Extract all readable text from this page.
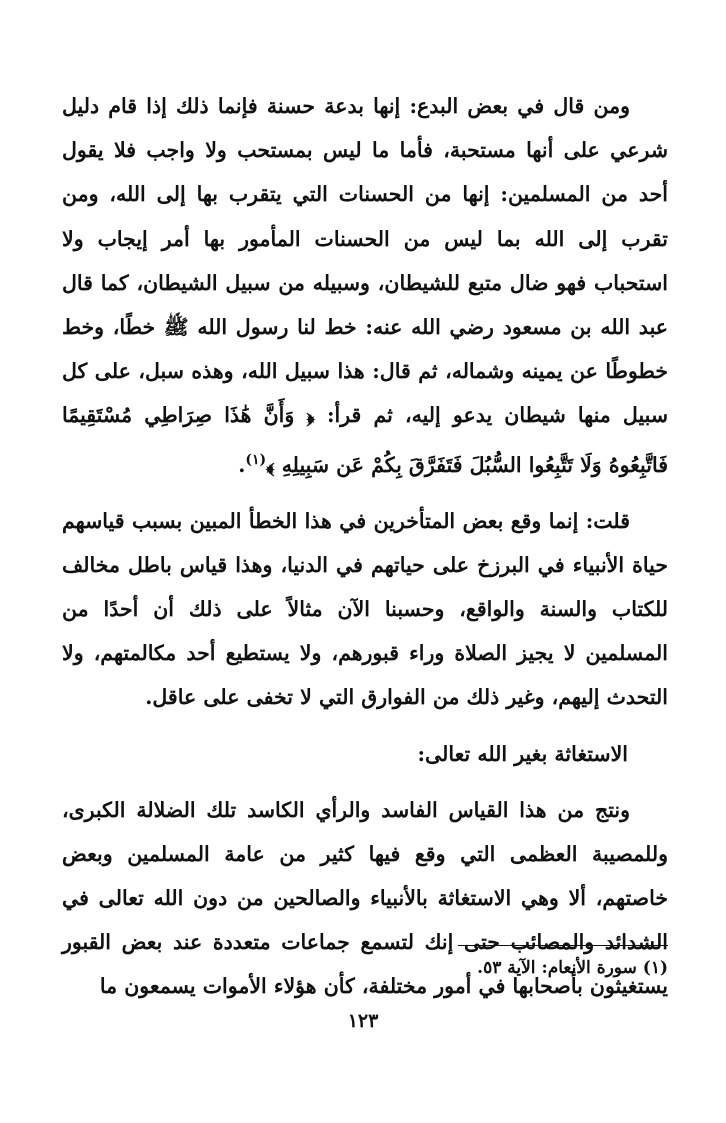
ومن قال في بعض البدع: إنها بدعة حسنة فإنما ذلك إذا قام دليل شرعي على أنها مستحبة، فأما ما ليس بمستحب ولا واجب فلا يقول أحد من المسلمين: إنها من الحسنات التي يتقرب بها إلى الله، ومن تقرب إلى الله بما ليس من الحسنات المأمور بها أمر إيجاب ولا استحباب فهو ضال متبع للشيطان، وسبيله من سبيل الشيطان، كما قال عبد الله بن مسعود رضي الله عنه: خط لنا رسول الله ﷺ خطًا، وخط خطوطًا عن يمينه وشماله، ثم قال: هذا سبيل الله، وهذه سبل، على كل سبيل منها شيطان يدعو إليه، ثم قرأ: ﴿ وَأَنَّ هَٰذَا صِرَاطِي مُسْتَقِيمًا فَاتَّبِعُوهُ وَلَا تَتَّبِعُوا السُّبُلَ فَتَفَرَّقَ بِكُمْ عَن سَبِيلِهِ ﴾$^{(١)}$.

قلت: إنما وقع بعض المتأخرين في هذا الخطأ المبين بسبب قياسهم حياة الأنبياء في البرزخ على حياتهم في الدنيا، وهذا قياس باطل مخالف للكتاب والسنة والواقع، وحسبنا الآن مثالاً على ذلك أن أحدًا من المسلمين لا يجيز الصلاة وراء قبورهم، ولا يستطيع أحد مكالمتهم، ولا التحدث إليهم، وغير ذلك من الفوارق التي لا تخفى على عاقل.

الاستغاثة بغير الله تعالى:

ونتج من هذا القياس الفاسد والرأي الكاسد تلك الضلالة الكبرى، وللمصيبة العظمى التي وقع فيها كثير من عامة المسلمين وبعض خاصتهم، ألا وهي الاستغاثة بالأنبياء والصالحين من دون الله تعالى في الشدائد والمصائب حتى إنك لتسمع جماعات متعددة عند بعض القبور يستغيثون بأصحابها في أمور مختلفة، كأن هؤلاء الأموات يسمعون ما

(١) سورة الأنعام: الآية ٥٣.
١٢٣
